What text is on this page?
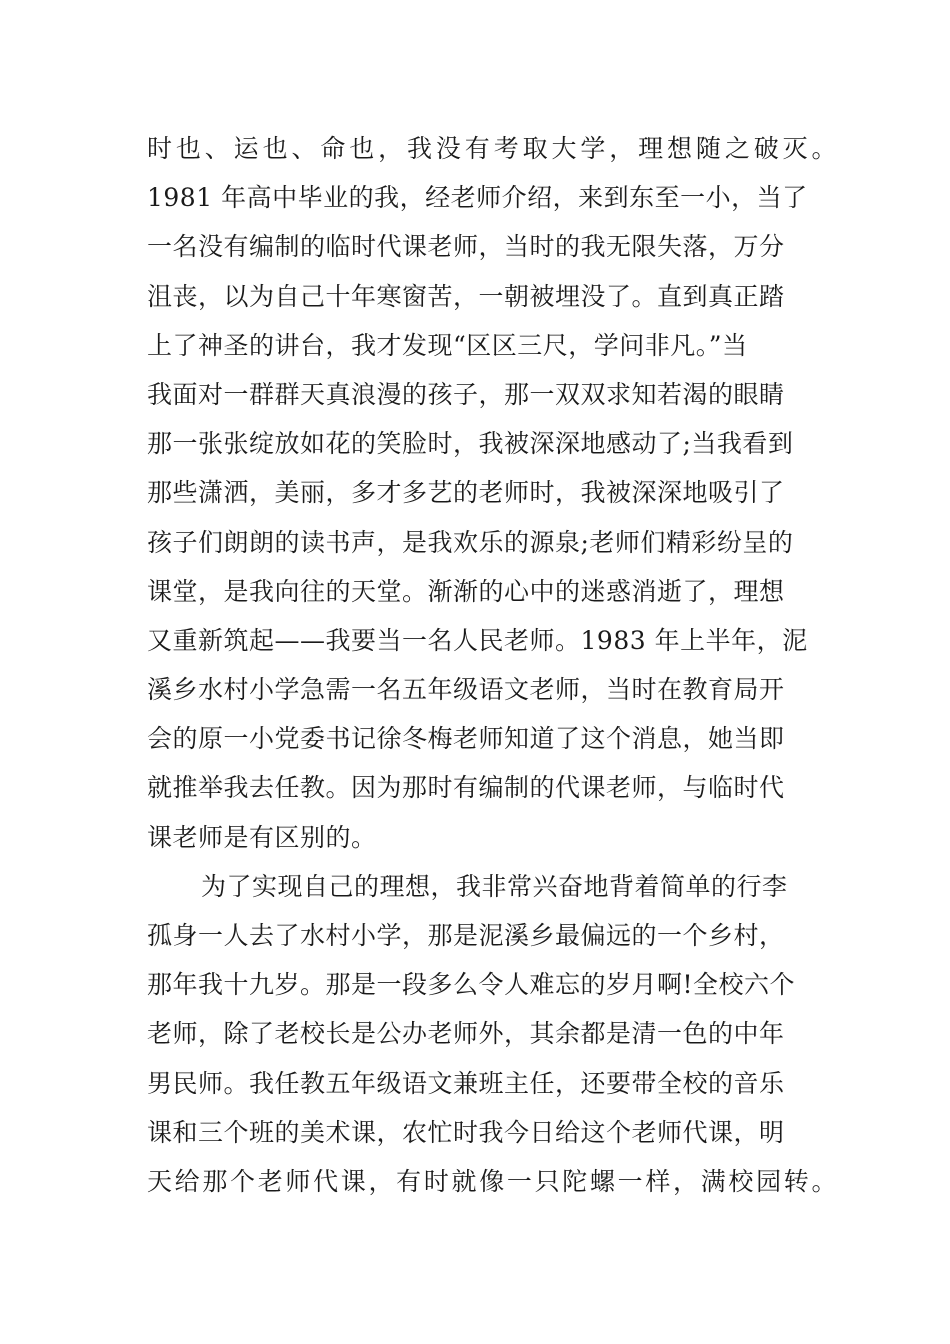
时也、运也、命也，我没有考取大学，理想随之破灭。
1981 年高中毕业的我，经老师介绍，来到东至一小，当了
一名没有编制的临时代课老师，当时的我无限失落，万分
沮丧，以为自己十年寒窗苦，一朝被埋没了。直到真正踏
上了神圣的讲台，我才发现“区区三尺，学问非凡。”当
我面对一群群天真浪漫的孩子，那一双双求知若渴的眼睛
那一张张绽放如花的笑脸时，我被深深地感动了;当我看到
那些潇洒，美丽，多才多艺的老师时，我被深深地吸引了
孩子们朗朗的读书声，是我欢乐的源泉;老师们精彩纷呈的
课堂，是我向往的天堂。渐渐的心中的迷惑消逝了，理想
又重新筑起——我要当一名人民老师。1983 年上半年，泥
溪乡水村小学急需一名五年级语文老师，当时在教育局开
会的原一小党委书记徐冬梅老师知道了这个消息，她当即
就推举我去任教。因为那时有编制的代课老师，与临时代
课老师是有区别的。
为了实现自己的理想，我非常兴奋地背着简单的行李
孤身一人去了水村小学，那是泥溪乡最偏远的一个乡村，
那年我十九岁。那是一段多么令人难忘的岁月啊!全校六个
老师，除了老校长是公办老师外，其余都是清一色的中年
男民师。我任教五年级语文兼班主任，还要带全校的音乐
课和三个班的美术课，农忙时我今日给这个老师代课，明
天给那个老师代课，有时就像一只陀螺一样，满校园转。
